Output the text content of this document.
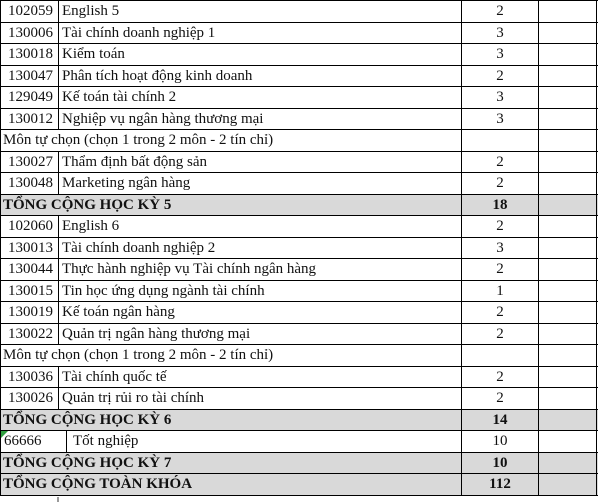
102059 English 5	2
130006 Tài chính doanh nghiệp 1	3
130018 Kiểm toán	3
130047 Phân tích hoạt động kinh doanh	2
129049 Kế toán tài chính 2	3
130012 Nghiệp vụ ngân hàng thương mại	3
Môn tự chọn (chọn 1 trong 2 môn - 2 tín chỉ)
130027 Thẩm định bất động sản	2
130048 Marketing ngân hàng	2
TỔNG CỘNG HỌC KỲ 5	18
102060 English 6	2
130013 Tài chính doanh nghiệp 2	3
130044 Thực hành nghiệp vụ Tài chính ngân hàng	2
130015 Tin học ứng dụng ngành tài chính	1
130019 Kế toán ngân hàng	2
130022 Quản trị ngân hàng thương mại	2
Môn tự chọn (chọn 1 trong 2 môn - 2 tín chỉ)
130036 Tài chính quốc tế	2
130026 Quản trị rủi ro tài chính	2
TỔNG CỘNG HỌC KỲ 6	14
66666	Tốt nghiệp	10
TỔNG CỘNG HỌC KỲ 7	10
TỔNG CỘNG TOÀN KHÓA	112
